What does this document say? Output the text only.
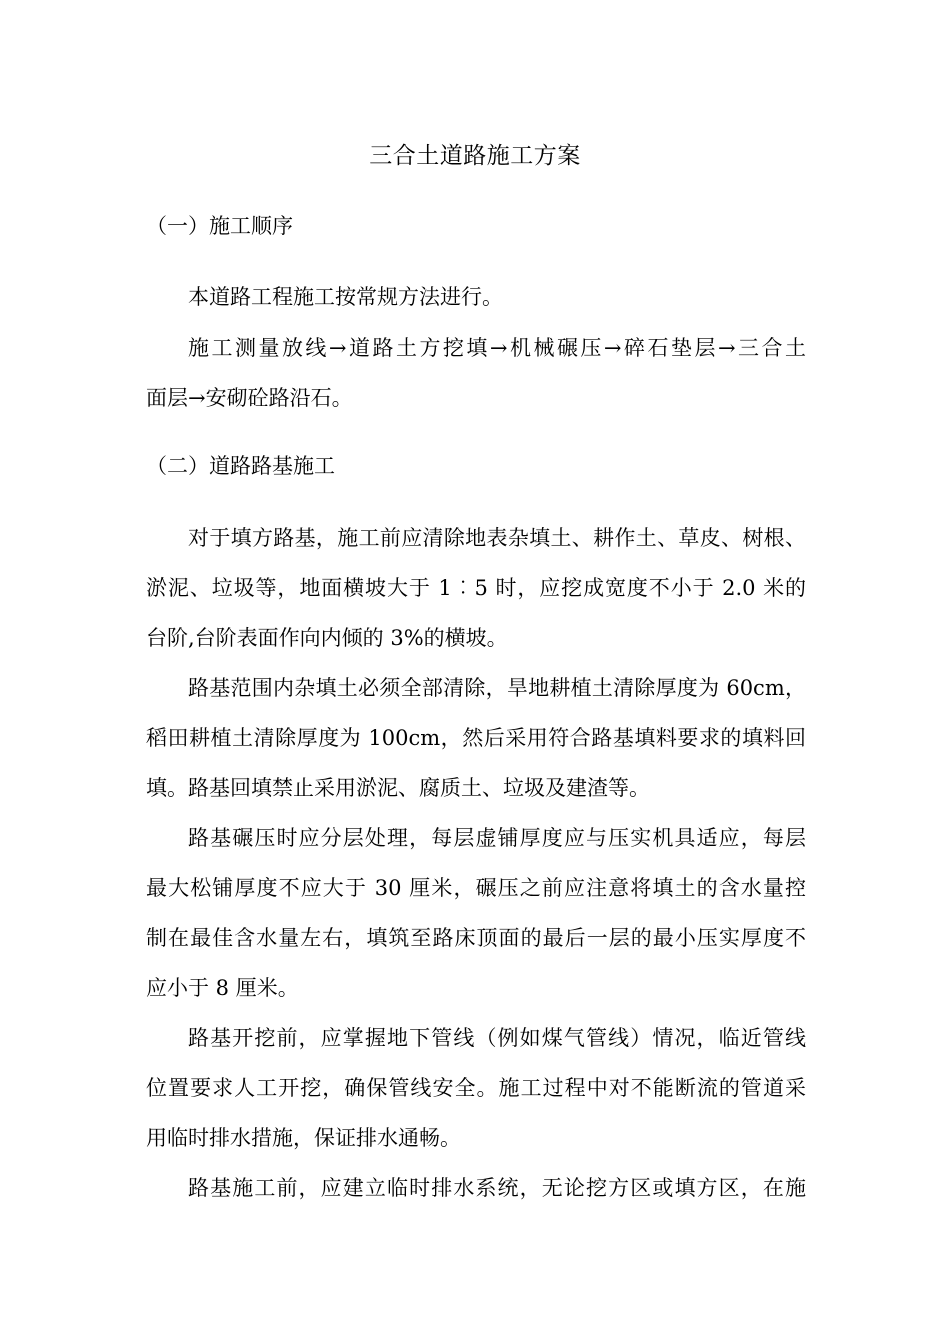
三合土道路施工方案
（一）施工顺序
本道路工程施工按常规方法进行。
施工测量放线→道路土方挖填→机械碾压→碎石垫层→三合土
面层→安砌砼路沿石。
（二）道路路基施工
对于填方路基，施工前应清除地表杂填土、耕作土、草皮、树根、
淤泥、垃圾等，地面横坡大于 1︰5 时，应挖成宽度不小于 2.0 米的
台阶,台阶表面作向内倾的 3%的横坡。
路基范围内杂填土必须全部清除，旱地耕植土清除厚度为 60cm，
稻田耕植土清除厚度为 100cm，然后采用符合路基填料要求的填料回
填。路基回填禁止采用淤泥、腐质土、垃圾及建渣等。
路基碾压时应分层处理，每层虚铺厚度应与压实机具适应，每层
最大松铺厚度不应大于 30 厘米，碾压之前应注意将填土的含水量控
制在最佳含水量左右，填筑至路床顶面的最后一层的最小压实厚度不
应小于 8 厘米。
路基开挖前，应掌握地下管线（例如煤气管线）情况，临近管线
位置要求人工开挖，确保管线安全。施工过程中对不能断流的管道采
用临时排水措施，保证排水通畅。
路基施工前，应建立临时排水系统，无论挖方区或填方区，在施
